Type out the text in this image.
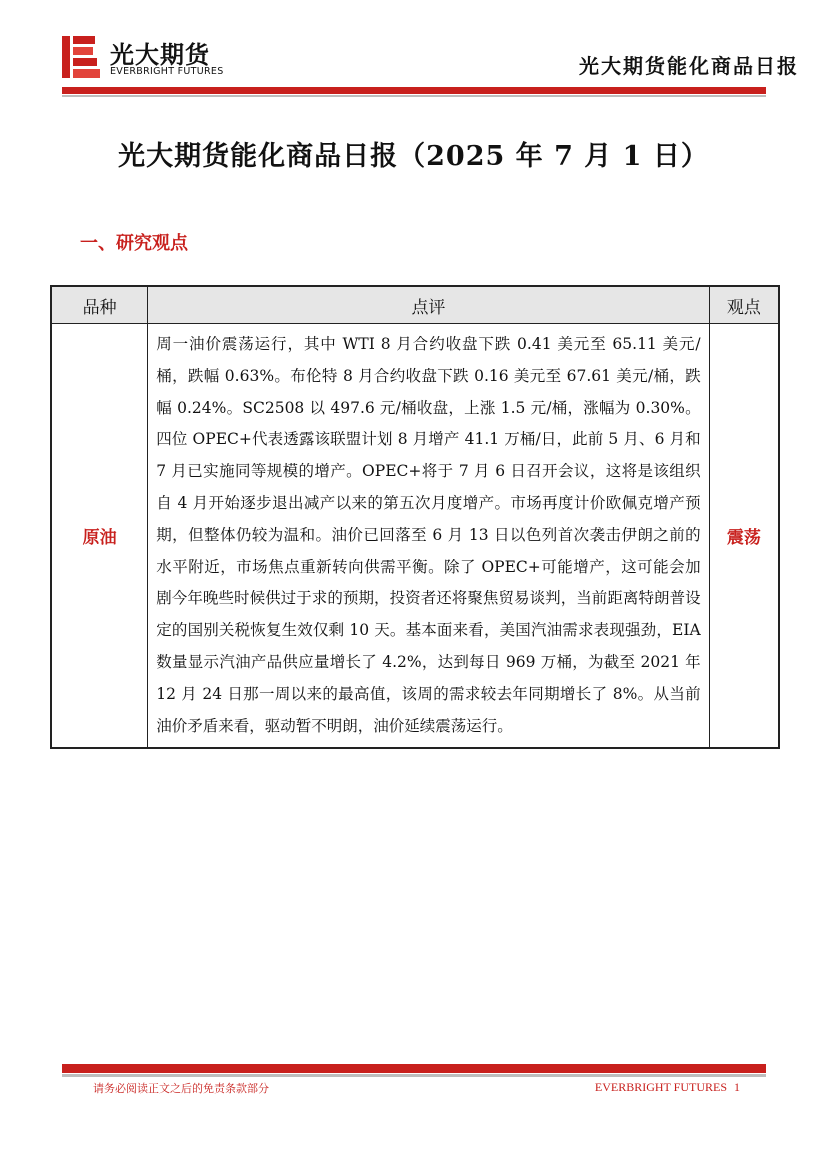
光大期货
EVERBRIGHT FUTURES	光大期货能化商品日报
光大期货能化商品日报（2025 年 7 月 1 日）
一、研究观点
品种	点评	观点
原油	周一油价震荡运行，其中 WTI 8 月合约收盘下跌 0.41 美元至 65.11 美元/桶，跌幅 0.63%。布伦特 8 月合约收盘下跌 0.16 美元至 67.61 美元/桶，跌幅 0.24%。SC2508 以 497.6 元/桶收盘，上涨 1.5 元/桶，涨幅为 0.30%。四位 OPEC+代表透露该联盟计划 8 月增产 41.1 万桶/日，此前 5 月、6 月和 7 月已实施同等规模的增产。OPEC+将于 7 月 6 日召开会议，这将是该组织自 4 月开始逐步退出减产以来的第五次月度增产。市场再度计价欧佩克增产预期，但整体仍较为温和。油价已回落至 6 月 13 日以色列首次袭击伊朗之前的水平附近，市场焦点重新转向供需平衡。除了 OPEC+可能增产，这可能会加剧今年晚些时候供过于求的预期，投资者还将聚焦贸易谈判，当前距离特朗普设定的国别关税恢复生效仅剩 10 天。基本面来看，美国汽油需求表现强劲，EIA 数量显示汽油产品供应量增长了 4.2%，达到每日 969 万桶，为截至 2021 年 12 月 24 日那一周以来的最高值，该周的需求较去年同期增长了 8%。从当前油价矛盾来看，驱动暂不明朗，油价延续震荡运行。	震荡
请务必阅读正文之后的免责条款部分	EVERBRIGHT FUTURES 1
